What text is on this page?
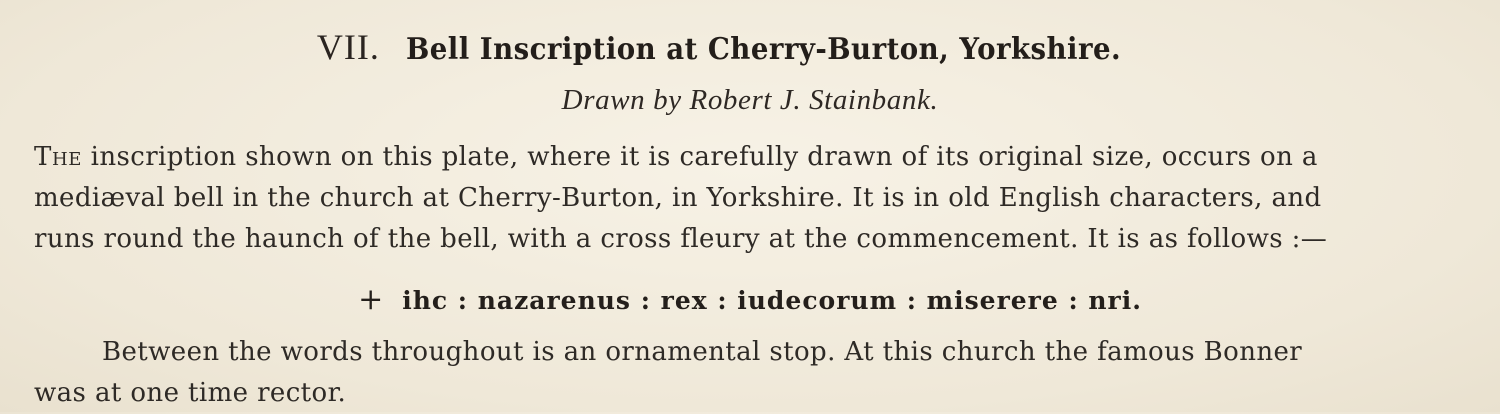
VII. Bell Inscription at Cherry-Burton, Yorkshire.
Drawn by Robert J. Stainbank.
The inscription shown on this plate, where it is carefully drawn of its original size, occurs on a
mediæval bell in the church at Cherry-Burton, in Yorkshire. It is in old English characters, and
runs round the haunch of the bell, with a cross fleury at the commencement. It is as follows :—
+ ihc : nazarenus : rex : iudecorum : miserere : nri.
Between the words throughout is an ornamental stop. At this church the famous Bonner
was at one time rector.
